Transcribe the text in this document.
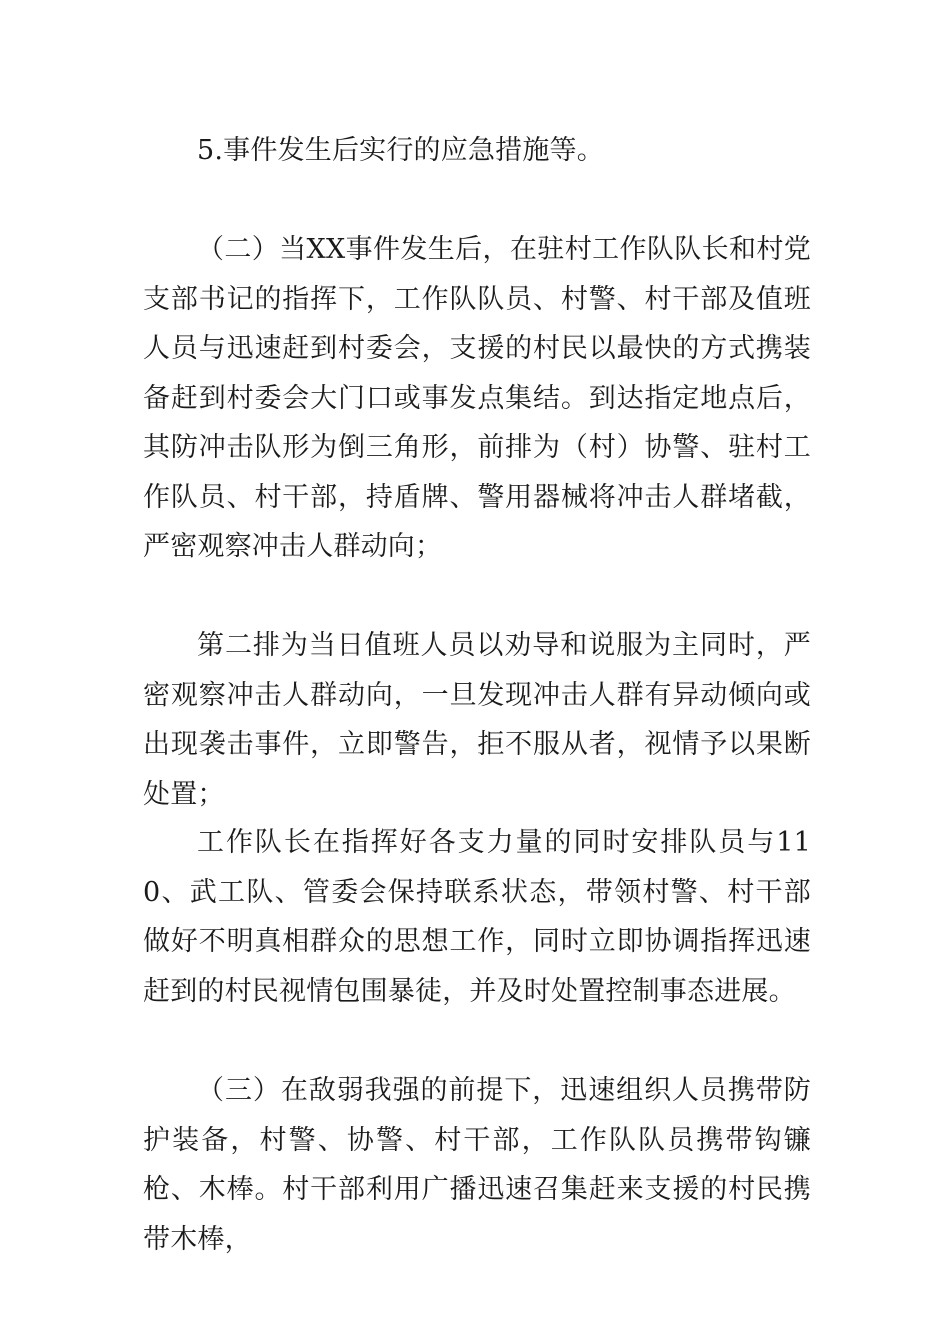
5.事件发生后实行的应急措施等。

（二）当XX事件发生后，在驻村工作队队长和村党支部书记的指挥下，工作队队员、村警、村干部及值班人员与迅速赶到村委会，支援的村民以最快的方式携装备赶到村委会大门口或事发点集结。到达指定地点后，其防冲击队形为倒三角形，前排为（村）协警、驻村工作队员、村干部，持盾牌、警用器械将冲击人群堵截，严密观察冲击人群动向；

第二排为当日值班人员以劝导和说服为主同时，严密观察冲击人群动向，一旦发现冲击人群有异动倾向或出现袭击事件，立即警告，拒不服从者，视情予以果断处置；

工作队长在指挥好各支力量的同时安排队员与110、武工队、管委会保持联系状态，带领村警、村干部做好不明真相群众的思想工作，同时立即协调指挥迅速赶到的村民视情包围暴徒，并及时处置控制事态进展。

（三）在敌弱我强的前提下，迅速组织人员携带防护装备，村警、协警、村干部，工作队队员携带钩镰枪、木棒。村干部利用广播迅速召集赶来支援的村民携带木棒，
